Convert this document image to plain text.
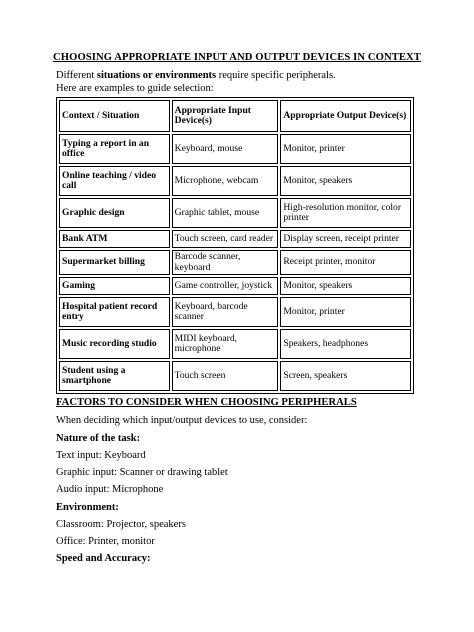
CHOOSING APPROPRIATE INPUT AND OUTPUT DEVICES IN CONTEXT
Different situations or environments require specific peripherals.
Here are examples to guide selection:
Context / Situation	Appropriate Input Device(s)	Appropriate Output Device(s)
Typing a report in an office	Keyboard, mouse	Monitor, printer
Online teaching / video call	Microphone, webcam	Monitor, speakers
Graphic design	Graphic tablet, mouse	High-resolution monitor, color printer
Bank ATM	Touch screen, card reader	Display screen, receipt printer
Supermarket billing	Barcode scanner, keyboard	Receipt printer, monitor
Gaming	Game controller, joystick	Monitor, speakers
Hospital patient record entry	Keyboard, barcode scanner	Monitor, printer
Music recording studio	MIDI keyboard, microphone	Speakers, headphones
Student using a smartphone	Touch screen	Screen, speakers
FACTORS TO CONSIDER WHEN CHOOSING PERIPHERALS
When deciding which input/output devices to use, consider:
Nature of the task:
Text input: Keyboard
Graphic input: Scanner or drawing tablet
Audio input: Microphone
Environment:
Classroom: Projector, speakers
Office: Printer, monitor
Speed and Accuracy:
